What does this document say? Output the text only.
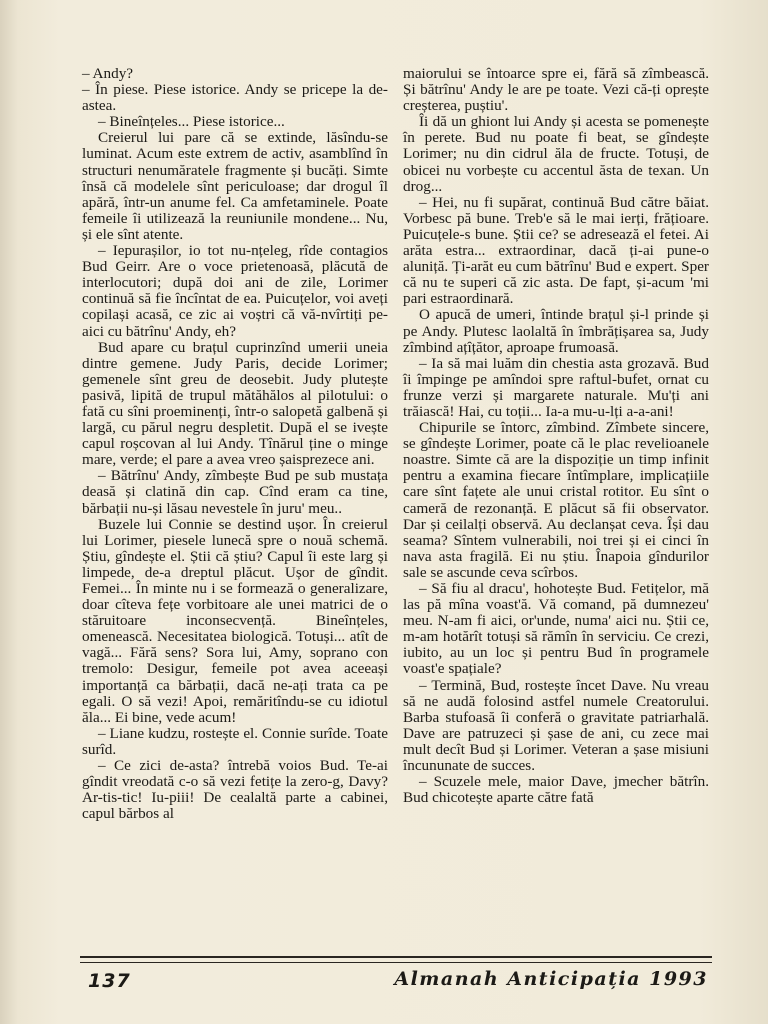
– Andy?

– În piese. Piese istorice. Andy se pricepe la de-astea.

– Bineînțeles... Piese istorice...

Creierul lui pare că se extinde, lăsîndu-se luminat. Acum este extrem de activ, asamblînd în structuri nenumăratele fragmente și bucăți. Simte însă că modelele sînt periculoase; dar drogul îl apără, într-un anume fel. Ca amfetaminele. Poate femeile îi utilizează la reuniunile mondene... Nu, și ele sînt atente.

– Iepurașilor, io tot nu-nțeleg, rîde contagios Bud Geirr. Are o voce prietenoasă, plăcută de interlocutori; după doi ani de zile, Lorimer continuă să fie încîntat de ea. Puicuțelor, voi aveți copilași acasă, ce zic ai voștri că vă-nvîrtiți pe-aici cu bătrînu' Andy, eh?

Bud apare cu brațul cuprinzînd umerii uneia dintre gemene. Judy Paris, decide Lorimer; gemenele sînt greu de deosebit. Judy plutește pasivă, lipită de trupul mătăhălos al pilotului: o fată cu sîni proeminenți, într-o salopetă galbenă și largă, cu părul negru despletit. După el se ivește capul roșcovan al lui Andy. Tînărul ține o minge mare, verde; el pare a avea vreo șaisprezece ani.

– Bătrînu' Andy, zîmbește Bud pe sub mustața deasă și clatină din cap. Cînd eram ca tine, bărbații nu-și lăsau nevestele în juru' meu..

Buzele lui Connie se destind ușor. În creierul lui Lorimer, piesele lunecă spre o nouă schemă. Știu, gîndește el. Știi că știu? Capul îi este larg și limpede, de-a dreptul plăcut. Ușor de gîndit. Femei... În minte nu i se formează o generalizare, doar cîteva fețe vorbitoare ale unei matrici de o stăruitoare inconsecvență. Bineînțeles, omenească. Necesitatea biologică. Totuși... atît de vagă... Fără sens? Sora lui, Amy, soprano con tremolo: Desigur, femeile pot avea aceeași importanță ca bărbații, dacă ne-ați trata ca pe egali. O să vezi! Apoi, remăritîndu-se cu idiotul ăla... Ei bine, vede acum!

– Liane kudzu, rostește el. Connie surîde. Toate surîd.

– Ce zici de-asta? întrebă voios Bud. Te-ai gîndit vreodată c-o să vezi fetițe la zero-g, Davy? Ar-tis-tic! Iu-piii! De cealaltă parte a cabinei, capul bărbos al

maiorului se întoarce spre ei, fără să zîmbească. Și bătrînu' Andy le are pe toate. Vezi că-ți oprește creșterea, puștiu'.

Îi dă un ghiont lui Andy și acesta se pomenește în perete. Bud nu poate fi beat, se gîndește Lorimer; nu din cidrul ăla de fructe. Totuși, de obicei nu vorbește cu accentul ăsta de texan. Un drog...

– Hei, nu fi supărat, continuă Bud către băiat. Vorbesc pă bune. Treb'e să le mai ierți, frățioare. Puicuțele-s bune. Știi ce? se adresează el fetei. Ai arăta estra... extraordinar, dacă ți-ai pune-o aluniță. Ți-arăt eu cum bătrînu' Bud e expert. Sper că nu te superi că zic asta. De fapt, și-acum 'mi pari estraordinară.

O apucă de umeri, întinde brațul și-l prinde și pe Andy. Plutesc laolaltă în îmbrățișarea sa, Judy zîmbind ațîțător, aproape frumoasă.

– Ia să mai luăm din chestia asta grozavă. Bud îi împinge pe amîndoi spre raftul-bufet, ornat cu frunze verzi și margarete naturale. Mu'ți ani trăiască! Hai, cu toții... Ia-a mu-u-lți a-a-ani!

Chipurile se întorc, zîmbind. Zîmbete sincere, se gîndește Lorimer, poate că le plac revelioanele noastre. Simte că are la dispoziție un timp infinit pentru a examina fiecare întîmplare, implicațiile care sînt fațete ale unui cristal rotitor. Eu sînt o cameră de rezonanță. E plăcut să fii observator. Dar și ceilalți observă. Au declanșat ceva. Își dau seama? Sîntem vulnerabili, noi trei și ei cinci în nava asta fragilă. Ei nu știu. Înapoia gîndurilor sale se ascunde ceva scîrbos.

– Să fiu al dracu', hohotește Bud. Fetițelor, mă las pă mîna voast'ă. Vă comand, pă dumnezeu' meu. N-am fi aici, or'unde, numa' aici nu. Știi ce, m-am hotărît totuși să rămîn în serviciu. Ce crezi, iubito, au un loc și pentru Bud în programele voast'e spațiale?

– Termină, Bud, rostește încet Dave. Nu vreau să ne audă folosind astfel numele Creatorului. Barba stufoasă îi conferă o gravitate patriarhală. Dave are patruzeci și șase de ani, cu zece mai mult decît Bud și Lorimer. Veteran a șase misiuni încununate de succes.

– Scuzele mele, maior Dave, jmecher bătrîn. Bud chicotește aparte către fată

137	Almanah Anticipația 1993
